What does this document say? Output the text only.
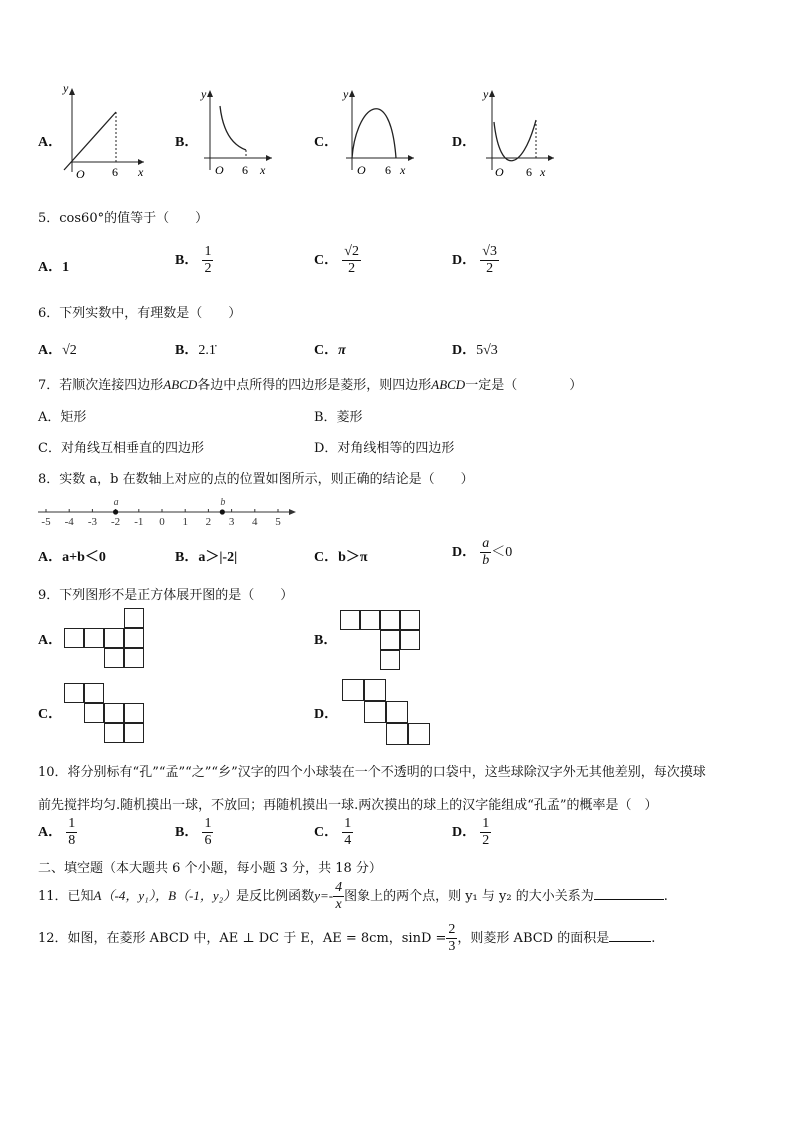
A．
y
x
O 6
B．
y
x
O 6
C．
y
x
O 6
D．
y
x
O 6
5．cos60°的值等于（　　）
A．1	B． $\frac{1}{2}$	C． $\frac{√2}{2}$	D． $\frac{√3}{2}$
6．下列实数中，有理数是（　　）
A．√2	B．2.1̇	C．π	D．5√3
7．若顺次连接四边形ABCD各边中点所得的四边形是菱形，则四边形ABCD一定是（　　　　）
A．矩形	B．菱形
C．对角线互相垂直的四边形	D．对角线相等的四边形
8．实数 a，b 在数轴上对应的点的位置如图所示，则正确的结论是（　　）
-5 -4 -3 -2 -1 0 1 2 3 4 5
a	b
A．a+b＜0	B．a＞|-2|	C．b＞π	D． $\frac{a}{b} <0$
9．下列图形不是正方体展开图的是（　　）
A．	B．
C．	D．
10．将分别标有“孔”“孟”“之”“乡”汉字的四个小球装在一个不透明的口袋中，这些球除汉字外无其他差别，每次摸球
前先搅拌均匀.随机摸出一球，不放回；再随机摸出一球.两次摸出的球上的汉字能组成“孔孟”的概率是（　）
A． $\frac{1}{8}$	B． $\frac{1}{6}$	C． $\frac{1}{4}$	D． $\frac{1}{2}$
二、填空题（本大题共 6 个小题，每小题 3 分，共 18 分）
11．已知A（-4，y₁），B（-1，y₂）是反比例函数$y=- \frac{4}{x}$ 图象上的两个点，则 y₁ 与 y₂ 的大小关系为	.
12．如图，在菱形 ABCD 中，AE ⊥ DC 于 E，AE = 8cm，$\sin D = \frac{2}{3}$ ，则菱形 ABCD 的面积是	.
